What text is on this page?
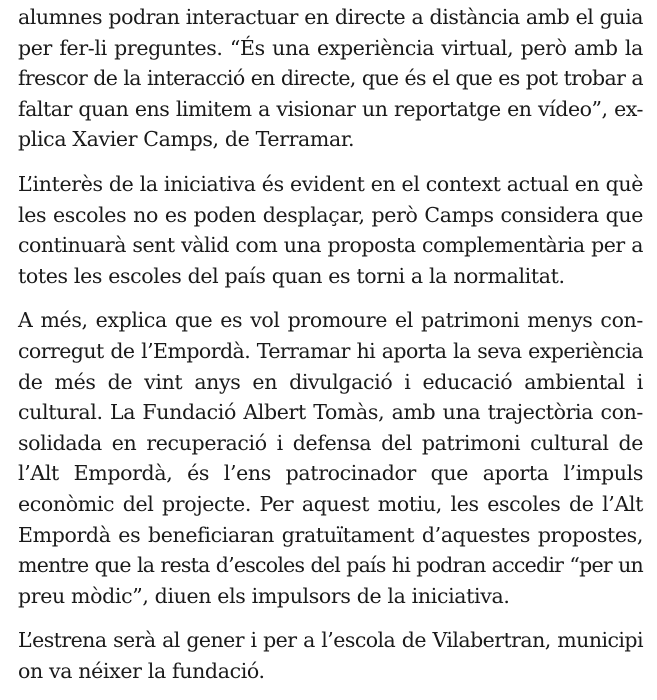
alumnes podran interactuar en directe a distància amb el guia
per fer-li preguntes. “És una experiència virtual, però amb la
frescor de la interacció en directe, que és el que es pot trobar a
faltar quan ens limitem a visionar un reportatge en vídeo”, ex-
plica Xavier Camps, de Terramar.

L’interès de la iniciativa és evident en el context actual en què
les escoles no es poden desplaçar, però Camps considera que
continuarà sent vàlid com una proposta complementària per a
totes les escoles del país quan es torni a la normalitat.

A més, explica que es vol promoure el patrimoni menys con-
corregut de l’Empordà. Terramar hi aporta la seva experiència
de més de vint anys en divulgació i educació ambiental i
cultural. La Fundació Albert Tomàs, amb una trajectòria con-
solidada en recuperació i defensa del patrimoni cultural de
l’Alt Empordà, és l’ens patrocinador que aporta l’impuls
econòmic del projecte. Per aquest motiu, les escoles de l’Alt
Empordà es beneficiaran gratuïtament d’aquestes propostes,
mentre que la resta d’escoles del país hi podran accedir “per un
preu mòdic”, diuen els impulsors de la iniciativa.

L’estrena serà al gener i per a l’escola de Vilabertran, municipi
on va néixer la fundació.
